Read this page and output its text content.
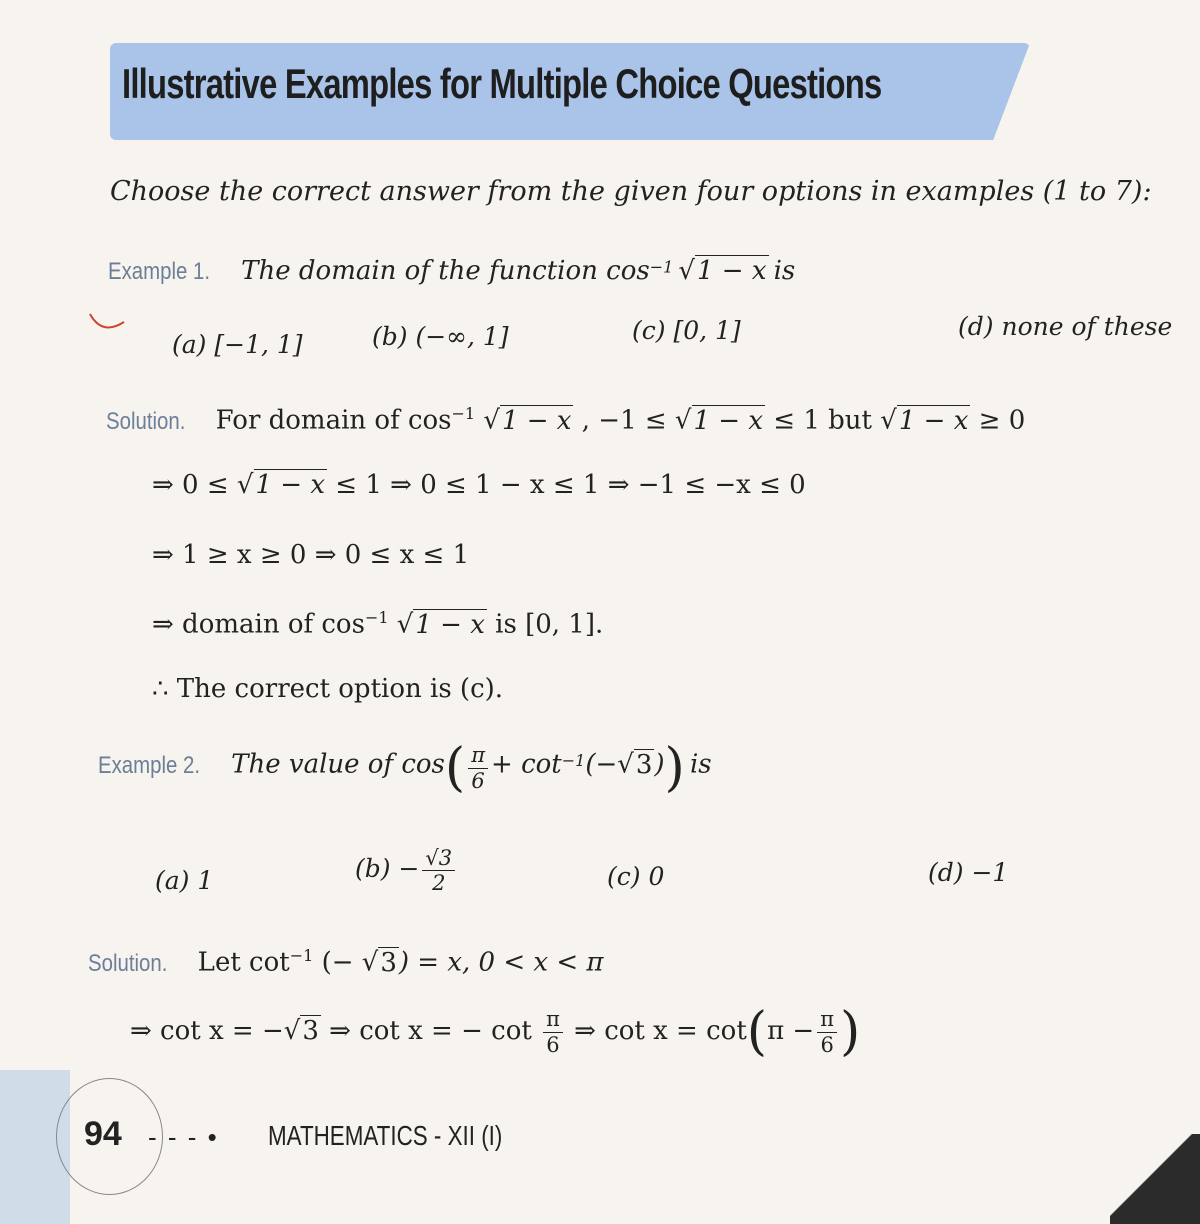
Illustrative Examples for Multiple Choice Questions
Choose the correct answer from the given four options in examples (1 to 7):
Example 1. The domain of the function cos−1 √1 − x is
(a) [−1, 1]	(b) (−∞, 1]	(c) [0, 1]	(d) none of these
Solution. For domain of $\cos^{-1} √1 - x$ , −1 ≤ √1 − x ≤ 1 but √1 − x ≥ 0
⇒ 0 ≤ √1 − x ≤ 1 ⇒ 0 ≤ 1 − x ≤ 1 ⇒ −1 ≤ −x ≤ 0
⇒ 1 ≥ x ≥ 0 ⇒ 0 ≤ x ≤ 1
⇒ domain of $\cos^{-1} √1 - x$ is [0, 1].
∴ The correct option is (c).
Example 2. The value of $\cos( \frac{\pi}{6} + \cot-1(-√3))$ is
(a) 1	$(b) - \frac{√3}{2}$	(c) 0	(d) −1
Solution. Let $\cot^{-1}$ (− √3) = x, 0 < x < π
⇒ cot x = −√3 ⇒ cot x = − $\cot \frac{\pi}{6}$ ⇒ $\cot x = \cot(\pi - \frac{\pi}{6}$ )
94 - - - • MATHEMATICS - XII (I)
